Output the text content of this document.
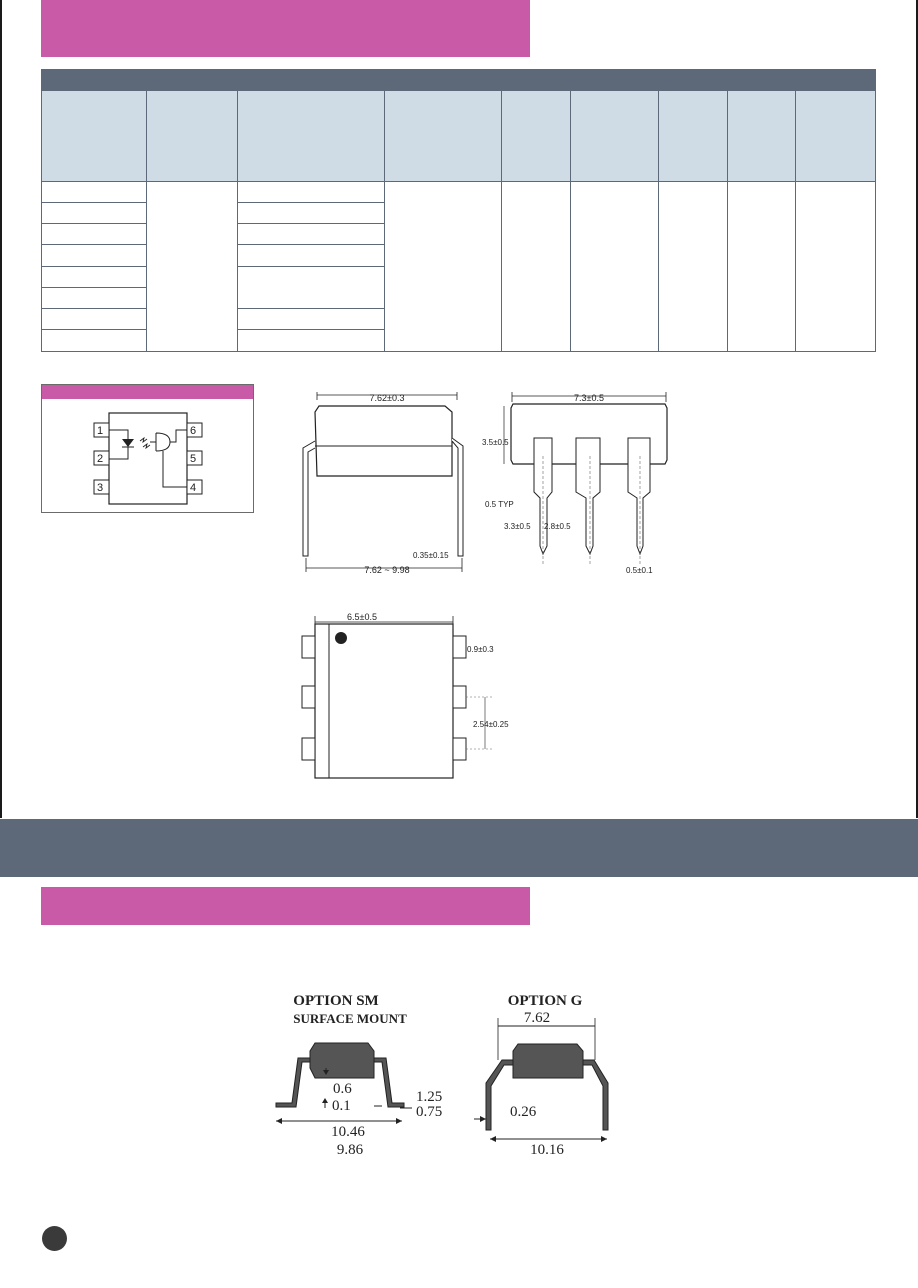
1
2
3
6
5
4
7.62±0.3
7.62 ~ 9.98
0.35±0.15
7.3±0.5
3.5±0.5
0.5 TYP
3.3±0.5 2.8±0.5
0.5±0.1
6.5±0.5
0.9±0.3
2.54±0.25
OPTION SM
SURFACE MOUNT
0.6
0.1
1.25
0.75
10.46
9.86
OPTION G
7.62
0.26
10.16
